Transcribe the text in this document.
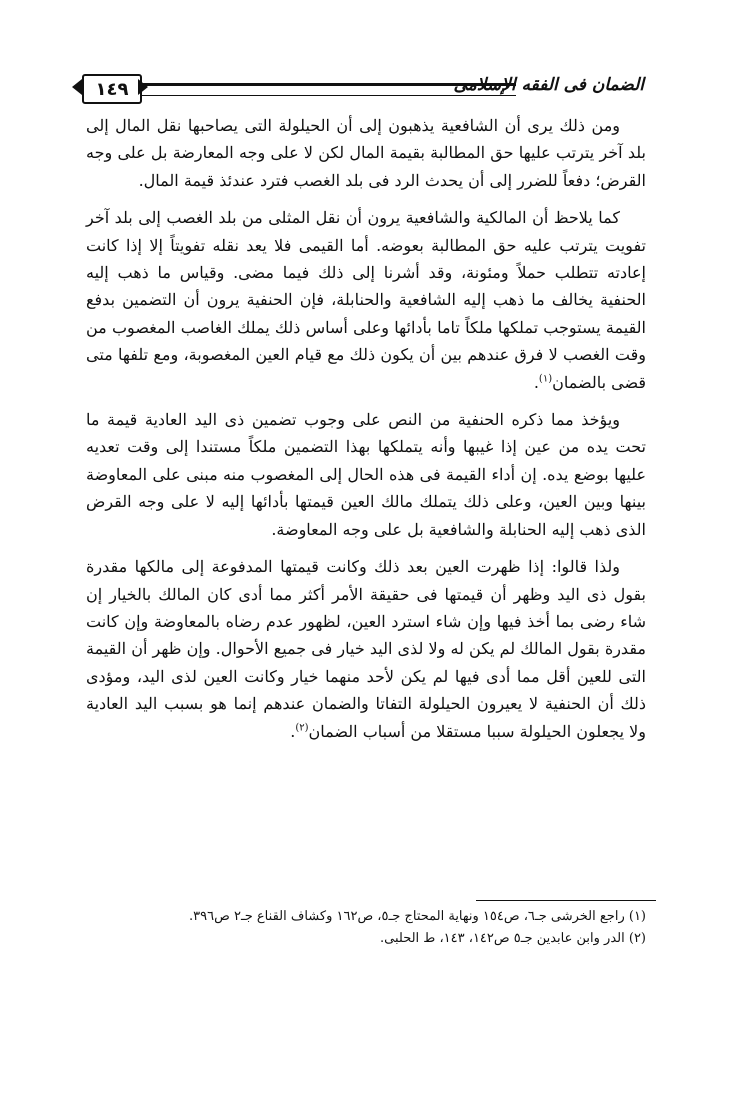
١٤٩	الضمان فى الفقه الإسلامى

ومن ذلك يرى أن الشافعية يذهبون إلى أن الحيلولة التى يصاحبها نقل المال إلى بلد آخر يترتب عليها حق المطالبة بقيمة المال لكن لا على وجه المعارضة بل على وجه القرض؛ دفعاً للضرر إلى أن يحدث الرد فى بلد الغصب فترد عندئذ قيمة المال.

كما يلاحظ أن المالكية والشافعية يرون أن نقل المثلى من بلد الغصب إلى بلد آخر تفويت يترتب عليه حق المطالبة بعوضه. أما القيمى فلا يعد نقله تفويتاً إلا إذا كانت إعادته تتطلب حملاً ومئونة، وقد أشرنا إلى ذلك فيما مضى. وقياس ما ذهب إليه الحنفية يخالف ما ذهب إليه الشافعية والحنابلة، فإن الحنفية يرون أن التضمين بدفع القيمة يستوجب تملكها ملكاً تاما بأدائها وعلى أساس ذلك يملك الغاصب المغصوب من وقت الغصب لا فرق عندهم بين أن يكون ذلك مع قيام العين المغصوبة، ومع تلفها متى قضى بالضمان$^{(١)}$.

ويؤخذ مما ذكره الحنفية من النص على وجوب تضمين ذى اليد العادية قيمة ما تحت يده من عين إذا غيبها وأنه يتملكها بهذا التضمين ملكاً مستندا إلى وقت تعديه عليها بوضع يده. إن أداء القيمة فى هذه الحال إلى المغصوب منه مبنى على المعاوضة بينها وبين العين، وعلى ذلك يتملك مالك العين قيمتها بأدائها إليه لا على وجه القرض الذى ذهب إليه الحنابلة والشافعية بل على وجه المعاوضة.

ولذا قالوا: إذا ظهرت العين بعد ذلك وكانت قيمتها المدفوعة إلى مالكها مقدرة بقول ذى اليد وظهر أن قيمتها فى حقيقة الأمر أكثر مما أدى كان المالك بالخيار إن شاء رضى بما أخذ فيها وإن شاء استرد العين، لظهور عدم رضاه بالمعاوضة وإن كانت مقدرة بقول المالك لم يكن له ولا لذى اليد خيار فى جميع الأحوال. وإن ظهر أن القيمة التى للعين أقل مما أدى فيها لم يكن لأحد منهما خيار وكانت العين لذى اليد، ومؤدى ذلك أن الحنفية لا يعيرون الحيلولة التفاتا والضمان عندهم إنما هو بسبب اليد العادية ولا يجعلون الحيلولة سببا مستقلا من أسباب الضمان$^{(٢)}$.

(١) راجع الخرشى جـ٦، ص١٥٤ ونهاية المحتاج جـ٥، ص١٦٢ وكشاف القناع جـ٢ ص٣٩٦.
(٢) الدر وابن عابدين جـ٥ ص١٤٢، ١٤٣، ط الحلبى.
